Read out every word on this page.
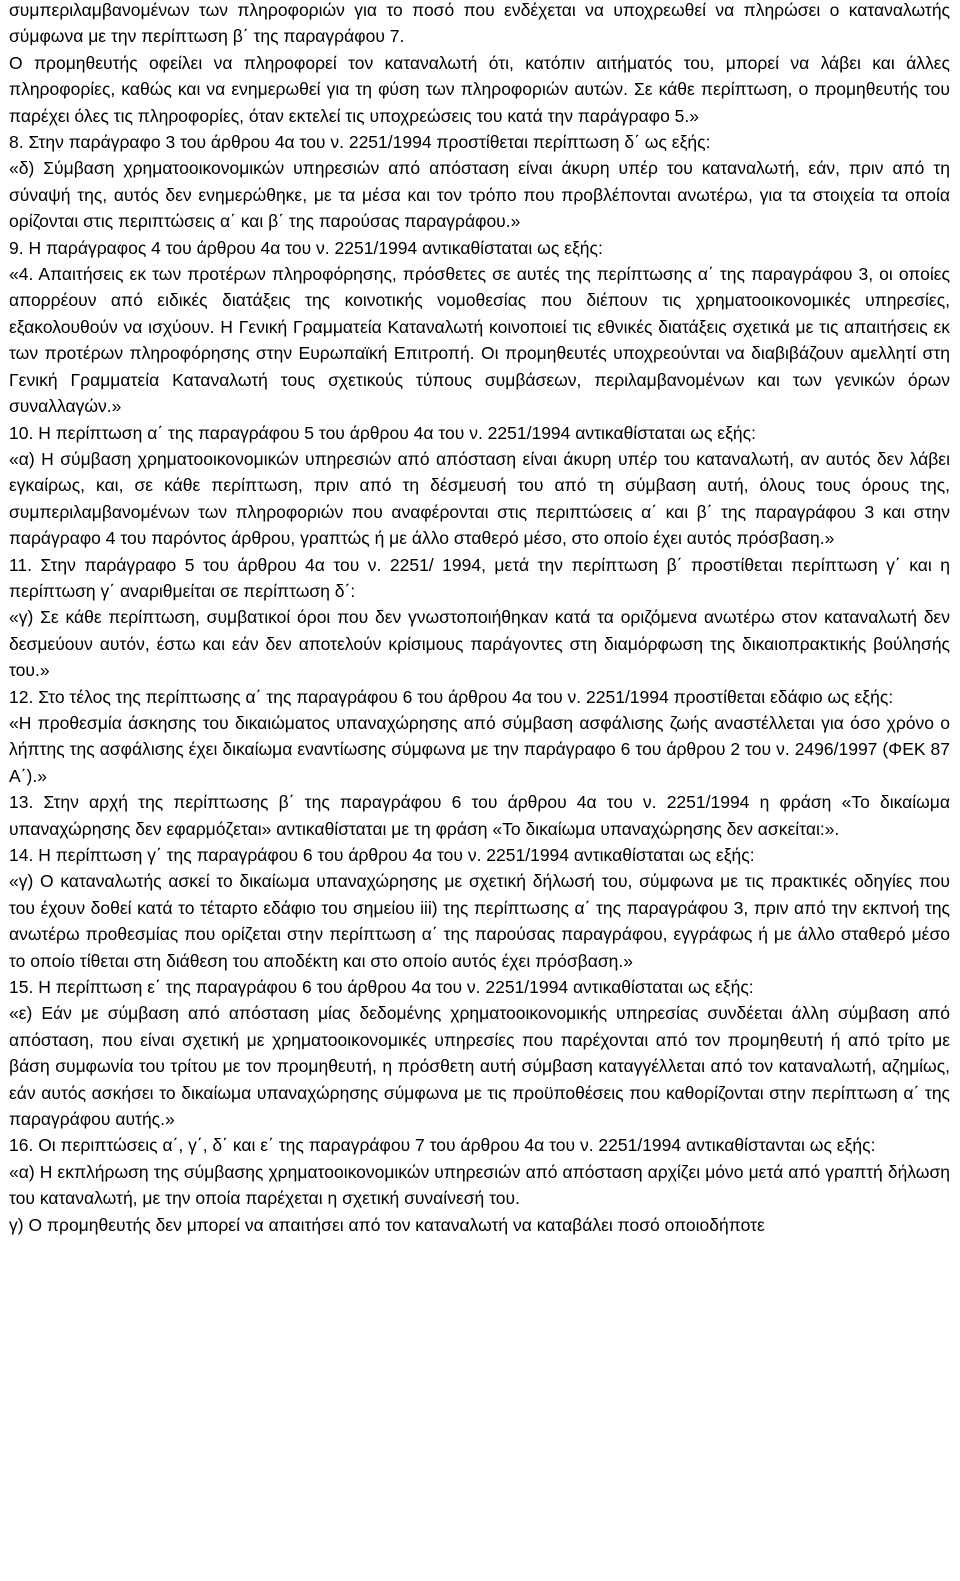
συμπεριλαμβανομένων των πληροφοριών για το ποσό που ενδέχεται να υποχρεωθεί να πληρώσει ο καταναλωτής σύμφωνα με την περίπτωση β΄ της παραγράφου 7.

Ο προμηθευτής οφείλει να πληροφορεί τον καταναλωτή ότι, κατόπιν αιτήματός του, μπορεί να λάβει και άλλες πληροφορίες, καθώς και να ενημερωθεί για τη φύση των πληροφοριών αυτών. Σε κάθε περίπτωση, ο προμηθευτής του παρέχει όλες τις πληροφορίες, όταν εκτελεί τις υποχρεώσεις του κατά την παράγραφο 5.»

8. Στην παράγραφο 3 του άρθρου 4α του ν. 2251/1994 προστίθεται περίπτωση δ΄ ως εξής:

«δ) Σύμβαση χρηματοοικονομικών υπηρεσιών από απόσταση είναι άκυρη υπέρ του καταναλωτή, εάν, πριν από τη σύναψή της, αυτός δεν ενημερώθηκε, με τα μέσα και τον τρόπο που προβλέπονται ανωτέρω, για τα στοιχεία τα οποία ορίζονται στις περιπτώσεις α΄ και β΄ της παρούσας παραγράφου.»

9. Η παράγραφος 4 του άρθρου 4α του ν. 2251/1994 αντικαθίσταται ως εξής:

«4. Απαιτήσεις εκ των προτέρων πληροφόρησης, πρόσθετες σε αυτές της περίπτωσης α΄ της παραγράφου 3, οι οποίες απορρέουν από ειδικές διατάξεις της κοινοτικής νομοθεσίας που διέπουν τις χρηματοοικονομικές υπηρεσίες, εξακολουθούν να ισχύουν. Η Γενική Γραμματεία Καταναλωτή κοινοποιεί τις εθνικές διατάξεις σχετικά με τις απαιτήσεις εκ των προτέρων πληροφόρησης στην Ευρωπαϊκή Επιτροπή. Οι προμηθευτές υποχρεούνται να διαβιβάζουν αμελλητί στη Γενική Γραμματεία Καταναλωτή τους σχετικούς τύπους συμβάσεων, περιλαμβανομένων και των γενικών όρων συναλλαγών.»

10. Η περίπτωση α΄ της παραγράφου 5 του άρθρου 4α του ν. 2251/1994 αντικαθίσταται ως εξής:

«α) Η σύμβαση χρηματοοικονομικών υπηρεσιών από απόσταση είναι άκυρη υπέρ του καταναλωτή, αν αυτός δεν λάβει εγκαίρως, και, σε κάθε περίπτωση, πριν από τη δέσμευσή του από τη σύμβαση αυτή, όλους τους όρους της, συμπεριλαμβανομένων των πληροφοριών που αναφέρονται στις περιπτώσεις α΄ και β΄ της παραγράφου 3 και στην παράγραφο 4 του παρόντος άρθρου, γραπτώς ή με άλλο σταθερό μέσο, στο οποίο έχει αυτός πρόσβαση.»

11. Στην παράγραφο 5 του άρθρου 4α του ν. 2251/ 1994, μετά την περίπτωση β΄ προστίθεται περίπτωση γ΄ και η περίπτωση γ΄ αναριθμείται σε περίπτωση δ΄:

«γ) Σε κάθε περίπτωση, συμβατικοί όροι που δεν γνωστοποιήθηκαν κατά τα οριζόμενα ανωτέρω στον καταναλωτή δεν δεσμεύουν αυτόν, έστω και εάν δεν αποτελούν κρίσιμους παράγοντες στη διαμόρφωση της δικαιοπρακτικής βούλησής του.»

12. Στο τέλος της περίπτωσης α΄ της παραγράφου 6 του άρθρου 4α του ν. 2251/1994 προστίθεται εδάφιο ως εξής:

«Η προθεσμία άσκησης του δικαιώματος υπαναχώρησης από σύμβαση ασφάλισης ζωής αναστέλλεται για όσο χρόνο ο λήπτης της ασφάλισης έχει δικαίωμα εναντίωσης σύμφωνα με την παράγραφο 6 του άρθρου 2 του ν. 2496/1997 (ΦΕΚ 87 Α΄).»

13. Στην αρχή της περίπτωσης β΄ της παραγράφου 6 του άρθρου 4α του ν. 2251/1994 η φράση «Το δικαίωμα υπαναχώρησης δεν εφαρμόζεται» αντικαθίσταται με τη φράση «Το δικαίωμα υπαναχώρησης δεν ασκείται:».

14. Η περίπτωση γ΄ της παραγράφου 6 του άρθρου 4α του ν. 2251/1994 αντικαθίσταται ως εξής:

«γ) Ο καταναλωτής ασκεί το δικαίωμα υπαναχώρησης με σχετική δήλωσή του, σύμφωνα με τις πρακτικές οδηγίες που του έχουν δοθεί κατά το τέταρτο εδάφιο του σημείου iii) της περίπτωσης α΄ της παραγράφου 3, πριν από την εκπνοή της ανωτέρω προθεσμίας που ορίζεται στην περίπτωση α΄ της παρούσας παραγράφου, εγγράφως ή με άλλο σταθερό μέσο το οποίο τίθεται στη διάθεση του αποδέκτη και στο οποίο αυτός έχει πρόσβαση.»

15. Η περίπτωση ε΄ της παραγράφου 6 του άρθρου 4α του ν. 2251/1994 αντικαθίσταται ως εξής:

«ε) Εάν με σύμβαση από απόσταση μίας δεδομένης χρηματοοικονομικής υπηρεσίας συνδέεται άλλη σύμβαση από απόσταση, που είναι σχετική με χρηματοοικονομικές υπηρεσίες που παρέχονται από τον προμηθευτή ή από τρίτο με βάση συμφωνία του τρίτου με τον προμηθευτή, η πρόσθετη αυτή σύμβαση καταγγέλλεται από τον καταναλωτή, αζημίως, εάν αυτός ασκήσει το δικαίωμα υπαναχώρησης σύμφωνα με τις προϋποθέσεις που καθορίζονται στην περίπτωση α΄ της παραγράφου αυτής.»

16. Οι περιπτώσεις α΄, γ΄, δ΄ και ε΄ της παραγράφου 7 του άρθρου 4α του ν. 2251/1994 αντικαθίστανται ως εξής:

«α) Η εκπλήρωση της σύμβασης χρηματοοικονομικών υπηρεσιών από απόσταση αρχίζει μόνο μετά από γραπτή δήλωση του καταναλωτή, με την οποία παρέχεται η σχετική συναίνεσή του.

γ) Ο προμηθευτής δεν μπορεί να απαιτήσει από τον καταναλωτή να καταβάλει ποσό οποιοδήποτε
